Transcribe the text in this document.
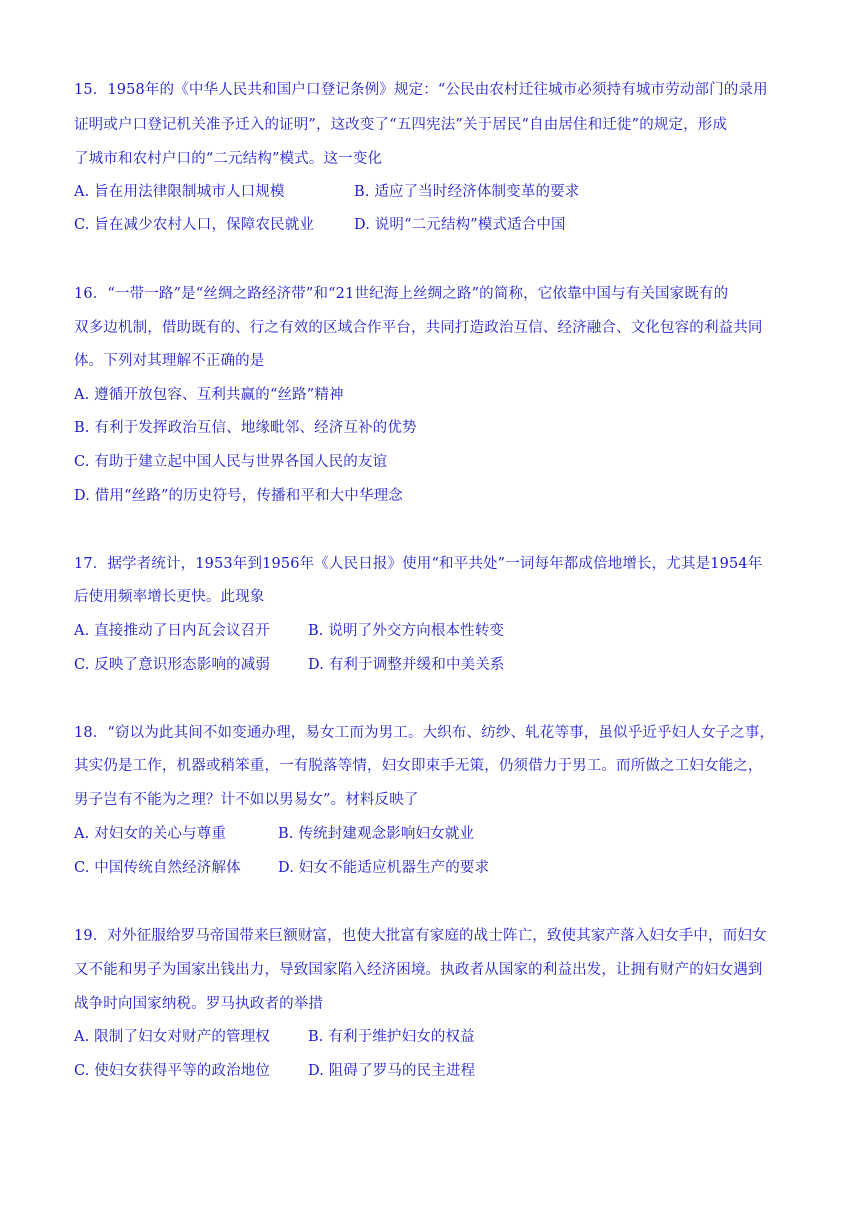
15．1958年的《中华人民共和国户口登记条例》规定：“公民由农村迁往城市必须持有城市劳动部门的录用
证明或户口登记机关准予迁入的证明”，这改变了“五四宪法”关于居民“自由居住和迁徙”的规定，形成
了城市和农村户口的“二元结构”模式。这一变化
A. 旨在用法律限制城市人口规模	B. 适应了当时经济体制变革的要求
C. 旨在减少农村人口，保障农民就业	D. 说明“二元结构”模式适合中国
16．“一带一路”是“丝绸之路经济带”和“21世纪海上丝绸之路”的简称，它依靠中国与有关国家既有的
双多边机制，借助既有的、行之有效的区域合作平台，共同打造政治互信、经济融合、文化包容的利益共同
体。下列对其理解不正确的是
A. 遵循开放包容、互利共赢的“丝路”精神
B. 有利于发挥政治互信、地缘毗邻、经济互补的优势
C. 有助于建立起中国人民与世界各国人民的友谊
D. 借用“丝路”的历史符号，传播和平和大中华理念
17．据学者统计，1953年到1956年《人民日报》使用“和平共处”一词每年都成倍地增长，尤其是1954年
后使用频率增长更快。此现象
A. 直接推动了日内瓦会议召开	B. 说明了外交方向根本性转变
C. 反映了意识形态影响的减弱	D. 有利于调整并缓和中美关系
18．“窃以为此其间不如变通办理，易女工而为男工。大织布、纺纱、轧花等事，虽似乎近乎妇人女子之事，
其实仍是工作，机器或稍笨重，一有脱落等情，妇女即束手无策，仍须借力于男工。而所做之工妇女能之，
男子岂有不能为之理？计不如以男易女”。材料反映了
A. 对妇女的关心与尊重	B. 传统封建观念影响妇女就业
C. 中国传统自然经济解体	D. 妇女不能适应机器生产的要求
19．对外征服给罗马帝国带来巨额财富，也使大批富有家庭的战士阵亡，致使其家产落入妇女手中，而妇女
又不能和男子为国家出钱出力，导致国家陷入经济困境。执政者从国家的利益出发，让拥有财产的妇女遇到
战争时向国家纳税。罗马执政者的举措
A. 限制了妇女对财产的管理权	B. 有利于维护妇女的权益
C. 使妇女获得平等的政治地位	D. 阻碍了罗马的民主进程
